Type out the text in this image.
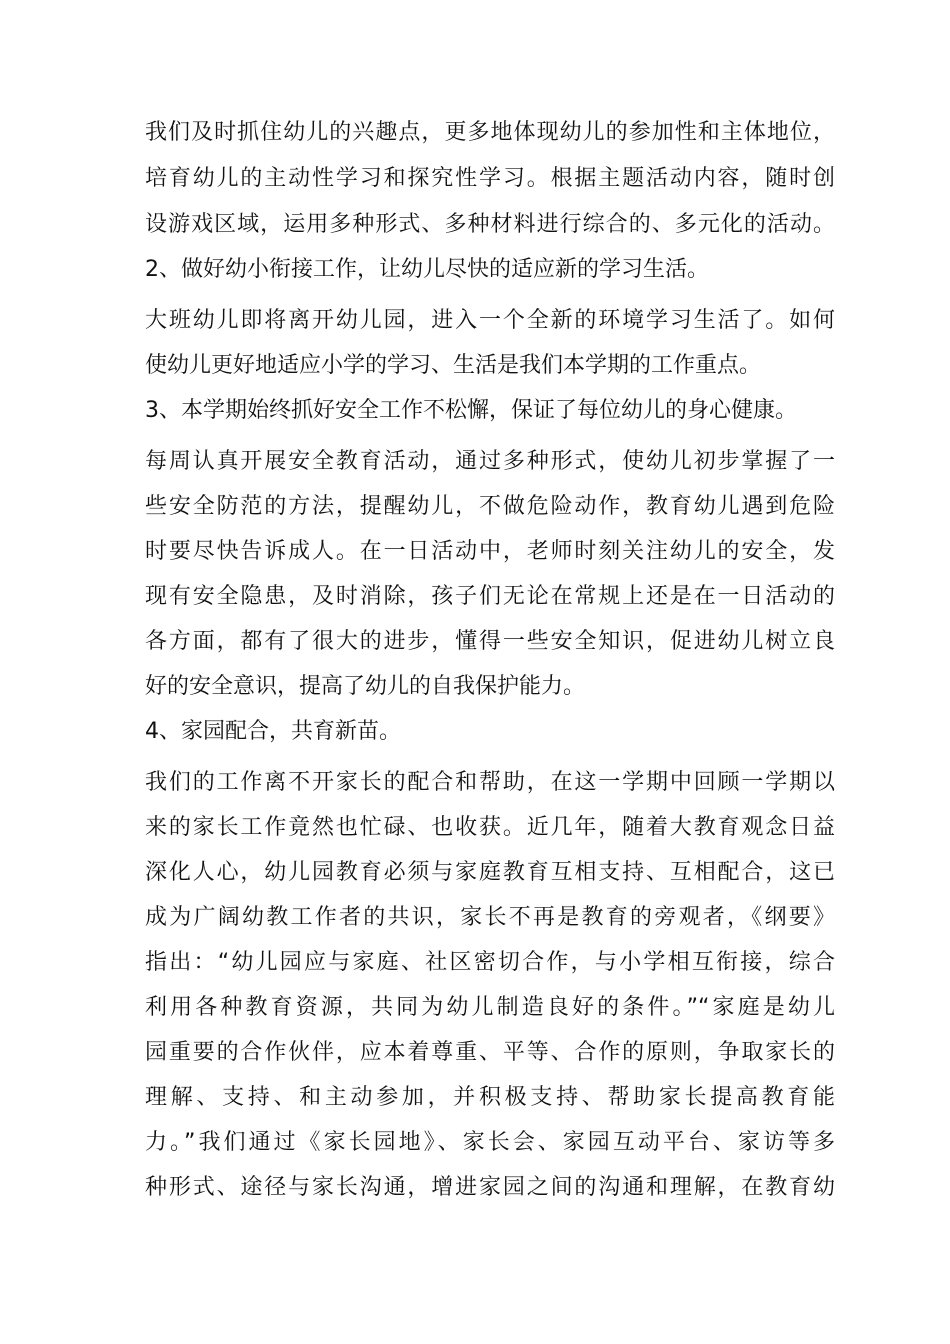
我们及时抓住幼儿的兴趣点，更多地体现幼儿的参加性和主体地位，
培育幼儿的主动性学习和探究性学习。根据主题活动内容，随时创
设游戏区域，运用多种形式、多种材料进行综合的、多元化的活动。
2、做好幼小衔接工作，让幼儿尽快的适应新的学习生活。
大班幼儿即将离开幼儿园，进入一个全新的环境学习生活了。如何
使幼儿更好地适应小学的学习、生活是我们本学期的工作重点。
3、本学期始终抓好安全工作不松懈，保证了每位幼儿的身心健康。
每周认真开展安全教育活动，通过多种形式，使幼儿初步掌握了一
些安全防范的方法，提醒幼儿，不做危险动作，教育幼儿遇到危险
时要尽快告诉成人。在一日活动中，老师时刻关注幼儿的安全，发
现有安全隐患，及时消除，孩子们无论在常规上还是在一日活动的
各方面，都有了很大的进步，懂得一些安全知识，促进幼儿树立良
好的安全意识，提高了幼儿的自我保护能力。
4、家园配合，共育新苗。
我们的工作离不开家长的配合和帮助，在这一学期中回顾一学期以
来的家长工作竟然也忙碌、也收获。近几年，随着大教育观念日益
深化人心，幼儿园教育必须与家庭教育互相支持、互相配合，这已
成为广阔幼教工作者的共识，家长不再是教育的旁观者，《纲要》
指出：“幼儿园应与家庭、社区密切合作，与小学相互衔接，综合
利用各种教育资源，共同为幼儿制造良好的条件。”“家庭是幼儿
园重要的合作伙伴，应本着尊重、平等、合作的原则，争取家长的
理解、支持、和主动参加，并积极支持、帮助家长提高教育能
力。”我们通过《家长园地》、家长会、家园互动平台、家访等多
种形式、途径与家长沟通，增进家园之间的沟通和理解，在教育幼
